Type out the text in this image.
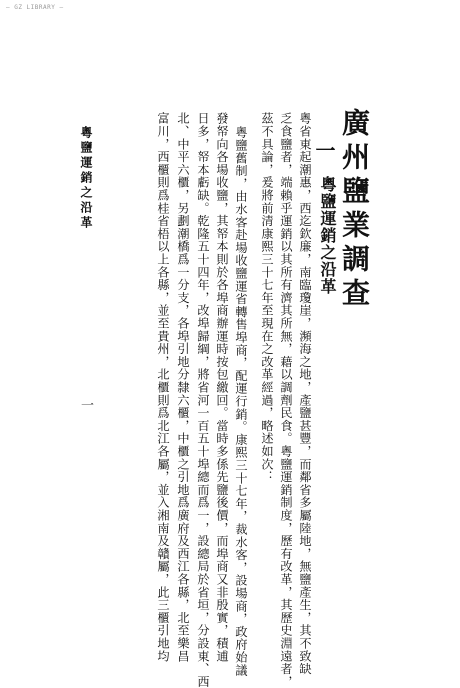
— GZ LIBRARY —
廣州鹽業調查
一
粵鹽運銷之沿革
粵省東起潮惠，西迄欽廉，南臨瓊崖，瀕海之地，產鹽甚豐，而鄰省多屬陸地，無鹽產生，其不致缺
乏食鹽者，端賴乎運銷以其所有濟其所無，藉以調劑民食。粵鹽運銷制度，歷有改革，其歷史淵遠者，
茲不具論，爰將前清康熙三十七年至現在之改革經過，略述如次：
粵鹽舊制，由水客赴場收鹽運省轉售埠商，配運行銷。康熙三十七年，裁水客，設場商，政府始議
發帑向各場收鹽，其帑本則於各埠商辦運時按包繳回。當時多係先鹽後價，而埠商又非殷實，積逋
日多，帑本虧缺。乾隆五十四年，改埠歸綱，將省河一百五十埠總而爲一，設總局於省垣，分設東、西
北、中平六櫃，另劃潮橋爲一分支，各埠引地分隸六櫃，中櫃之引地爲廣府及西江各縣，北至樂昌
富川，西櫃則爲桂省梧以上各縣，並至貴州，北櫃則爲北江各屬，並入湘南及贛屬，此三櫃引地均
粵鹽運銷之沿革
一
